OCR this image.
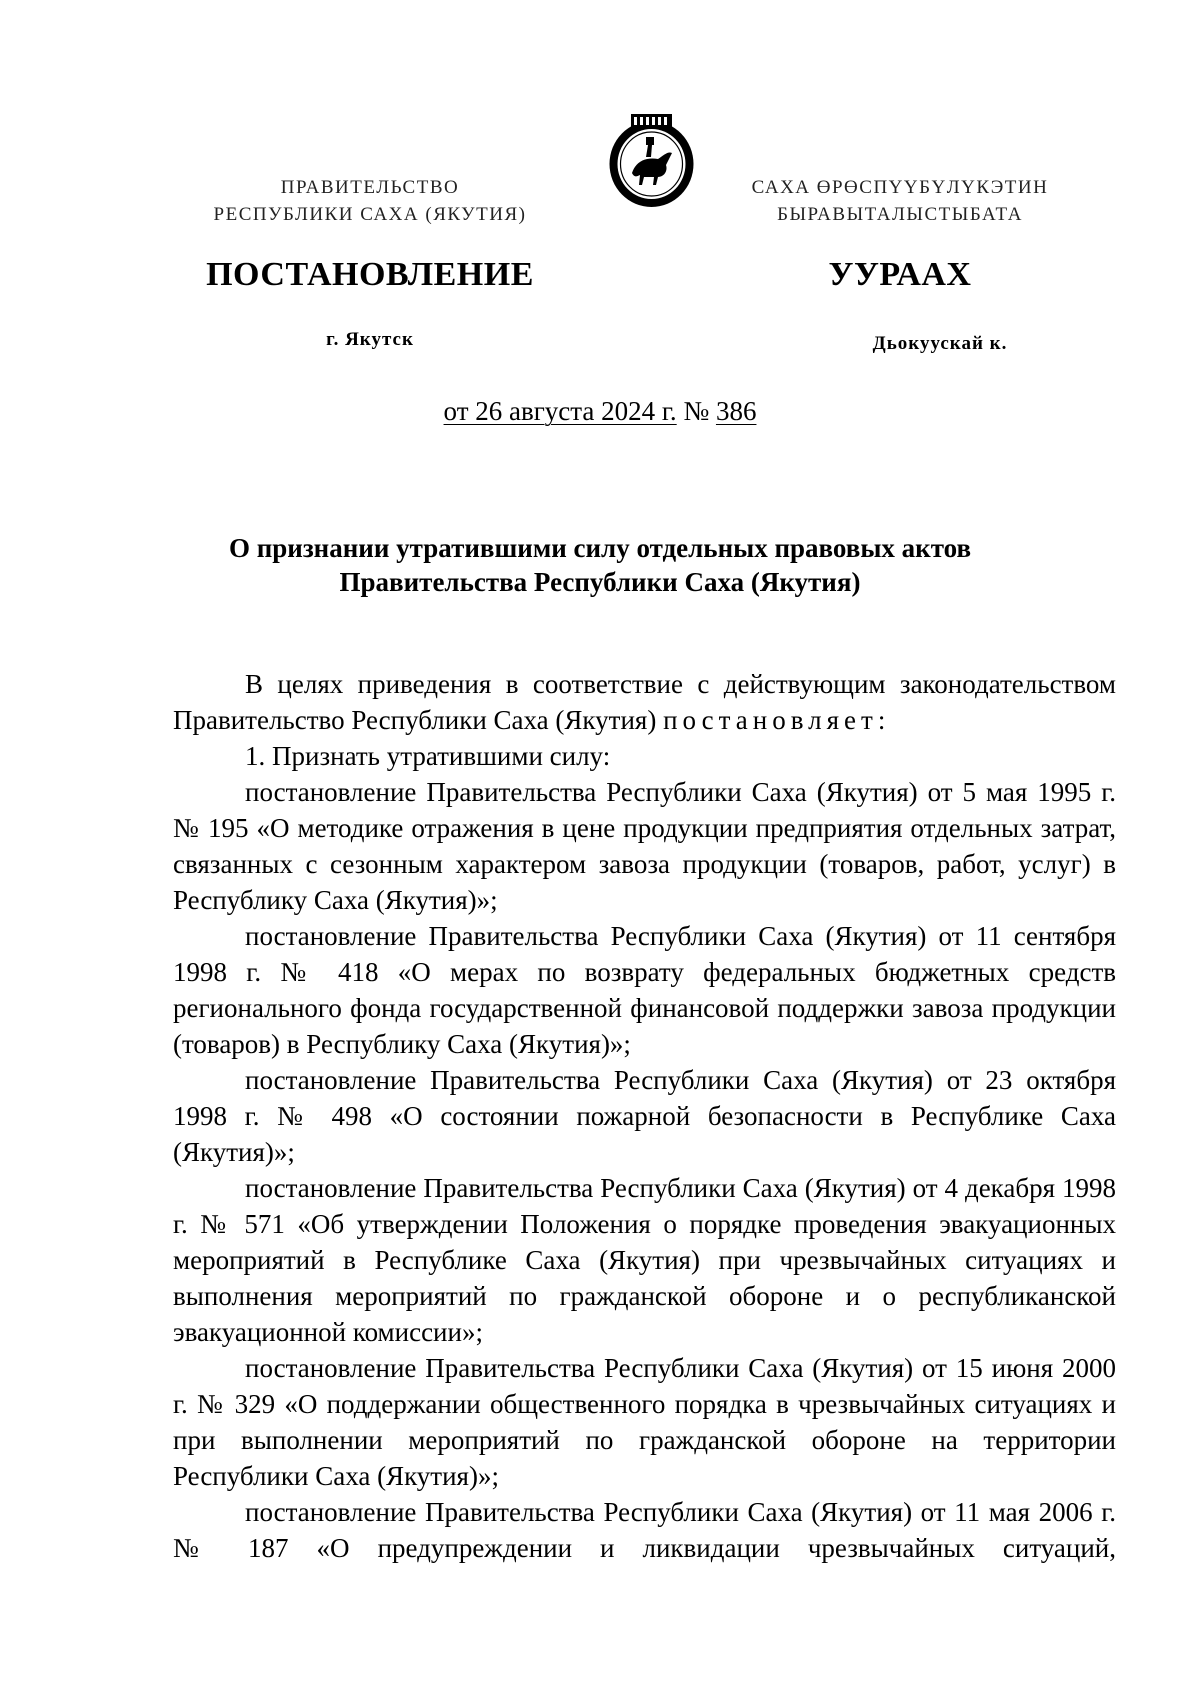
ПРАВИТЕЛЬСТВО
РЕСПУБЛИКИ САХА (ЯКУТИЯ)
САХА ӨРӨСПҮҮБҮЛҮКЭТИН
БЫРАВЫТАЛЫСТЫБАТА
ПОСТАНОВЛЕНИЕ	УУРААХ
г. Якутск	Дьокуускай к.
от 26 августа 2024 г. № 386
О признании утратившими силу отдельных правовых актов
Правительства Республики Саха (Якутия)

В целях приведения в соответствие с действующим законодательством Правительство Республики Саха (Якутия) постановляет:

1. Признать утратившими силу:

постановление Правительства Республики Саха (Якутия) от 5 мая 1995 г. № 195 «О методике отражения в цене продукции предприятия отдельных затрат, связанных с сезонным характером завоза продукции (товаров, работ, услуг) в Республику Саха (Якутия)»;

постановление Правительства Республики Саха (Якутия) от 11 сентября 1998 г. № 418 «О мерах по возврату федеральных бюджетных средств регионального фонда государственной финансовой поддержки завоза продукции (товаров) в Республику Саха (Якутия)»;

постановление Правительства Республики Саха (Якутия) от 23 октября 1998 г. № 498 «О состоянии пожарной безопасности в Республике Саха (Якутия)»;

постановление Правительства Республики Саха (Якутия) от 4 декабря 1998 г. № 571 «Об утверждении Положения о порядке проведения эвакуационных мероприятий в Республике Саха (Якутия) при чрезвычайных ситуациях и выполнения мероприятий по гражданской обороне и о республиканской эвакуационной комиссии»;

постановление Правительства Республики Саха (Якутия) от 15 июня 2000 г. № 329 «О поддержании общественного порядка в чрезвычайных ситуациях и при выполнении мероприятий по гражданской обороне на территории Республики Саха (Якутия)»;

постановление Правительства Республики Саха (Якутия) от 11 мая 2006 г. № 187 «О предупреждении и ликвидации чрезвычайных ситуаций,
